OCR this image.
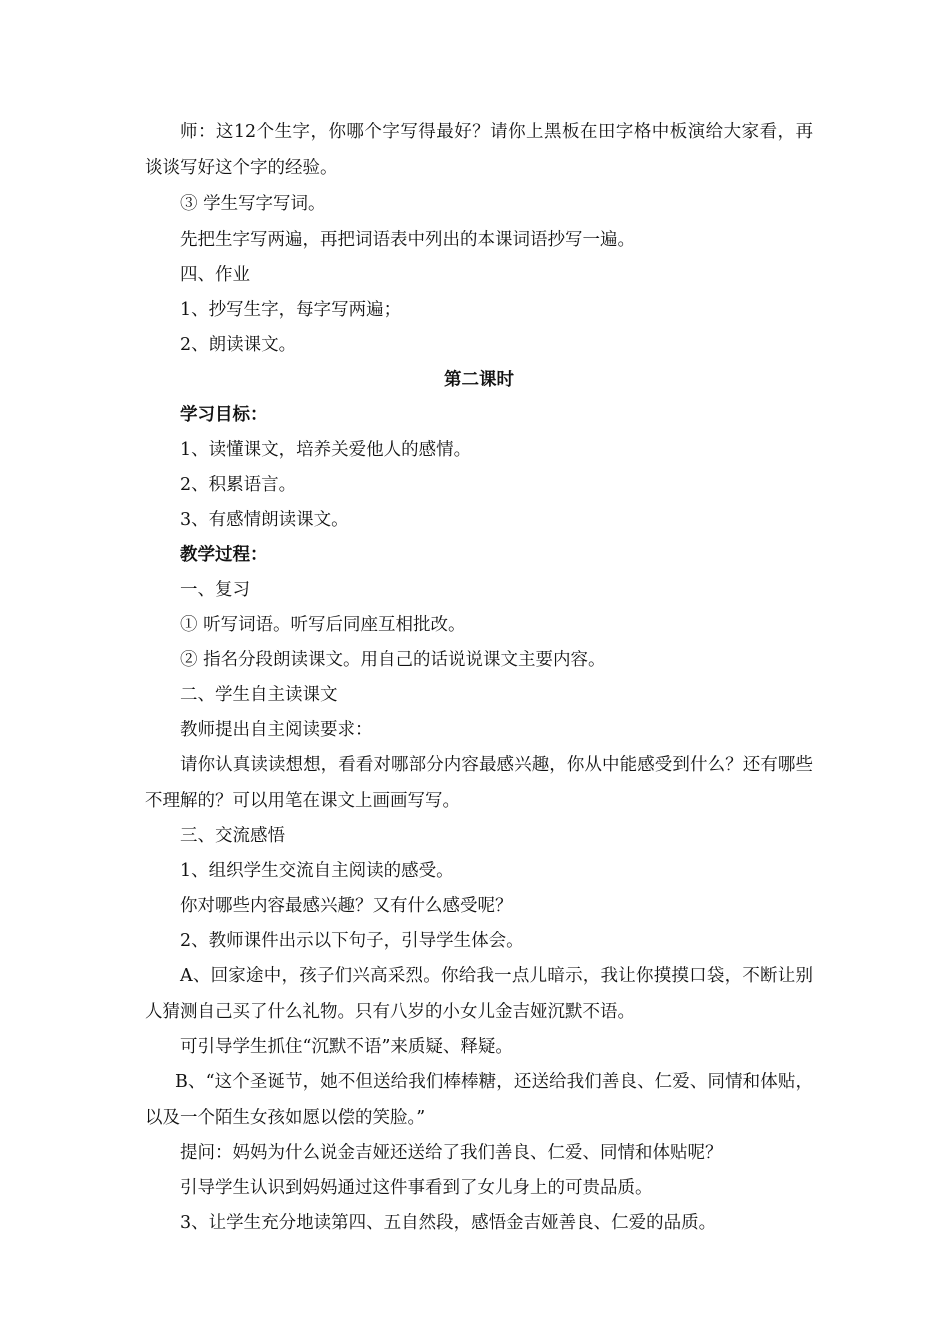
师：这12个生字，你哪个字写得最好？请你上黑板在田字格中板演给大家看，再谈谈写好这个字的经验。
③ 学生写字写词。
先把生字写两遍，再把词语表中列出的本课词语抄写一遍。
四、作业
1、抄写生字，每字写两遍；
2、朗读课文。
第二课时
学习目标：
1、读懂课文，培养关爱他人的感情。
2、积累语言。
3、有感情朗读课文。
教学过程：
一、复习
① 听写词语。听写后同座互相批改。
② 指名分段朗读课文。用自己的话说说课文主要内容。
二、学生自主读课文
教师提出自主阅读要求：
请你认真读读想想，看看对哪部分内容最感兴趣，你从中能感受到什么？还有哪些不理解的？可以用笔在课文上画画写写。
三、交流感悟
1、组织学生交流自主阅读的感受。
你对哪些内容最感兴趣？又有什么感受呢？
2、教师课件出示以下句子，引导学生体会。
A、回家途中，孩子们兴高采烈。你给我一点儿暗示，我让你摸摸口袋，不断让别人猜测自己买了什么礼物。只有八岁的小女儿金吉娅沉默不语。
可引导学生抓住“沉默不语”来质疑、释疑。
B、“这个圣诞节，她不但送给我们棒棒糖，还送给我们善良、仁爱、同情和体贴，以及一个陌生女孩如愿以偿的笑脸。”
提问：妈妈为什么说金吉娅还送给了我们善良、仁爱、同情和体贴呢？
引导学生认识到妈妈通过这件事看到了女儿身上的可贵品质。
3、让学生充分地读第四、五自然段，感悟金吉娅善良、仁爱的品质。
